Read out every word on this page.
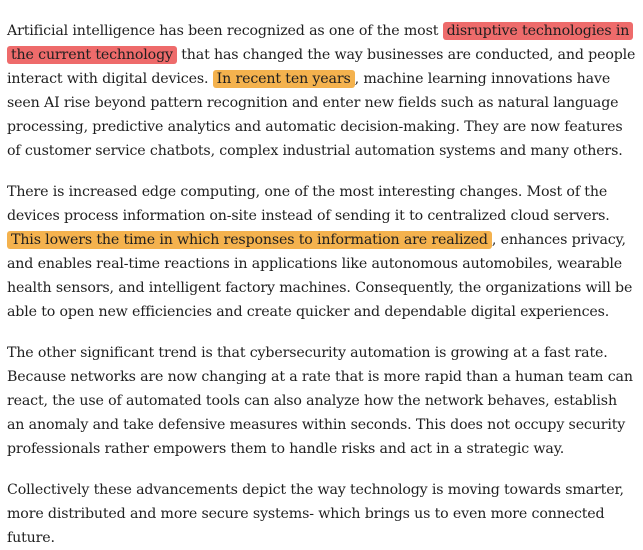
Artificial intelligence has been recognized as one of the most disruptive technologies in the current technology that has changed the way businesses are conducted, and people interact with digital devices. In recent ten years , machine learning innovations have seen AI rise beyond pattern recognition and enter new fields such as natural language processing, predictive analytics and automatic decision-making. They are now features of customer service chatbots, complex industrial automation systems and many others.

There is increased edge computing, one of the most interesting changes. Most of the devices process information on-site instead of sending it to centralized cloud servers. This lowers the time in which responses to information are realized , enhances privacy, and enables real-time reactions in applications like autonomous automobiles, wearable health sensors, and intelligent factory machines. Consequently, the organizations will be able to open new efficiencies and create quicker and dependable digital experiences.

The other significant trend is that cybersecurity automation is growing at a fast rate. Because networks are now changing at a rate that is more rapid than a human team can react, the use of automated tools can also analyze how the network behaves, establish an anomaly and take defensive measures within seconds. This does not occupy security professionals rather empowers them to handle risks and act in a strategic way.

Collectively these advancements depict the way technology is moving towards smarter, more distributed and more secure systems- which brings us to even more connected future.
